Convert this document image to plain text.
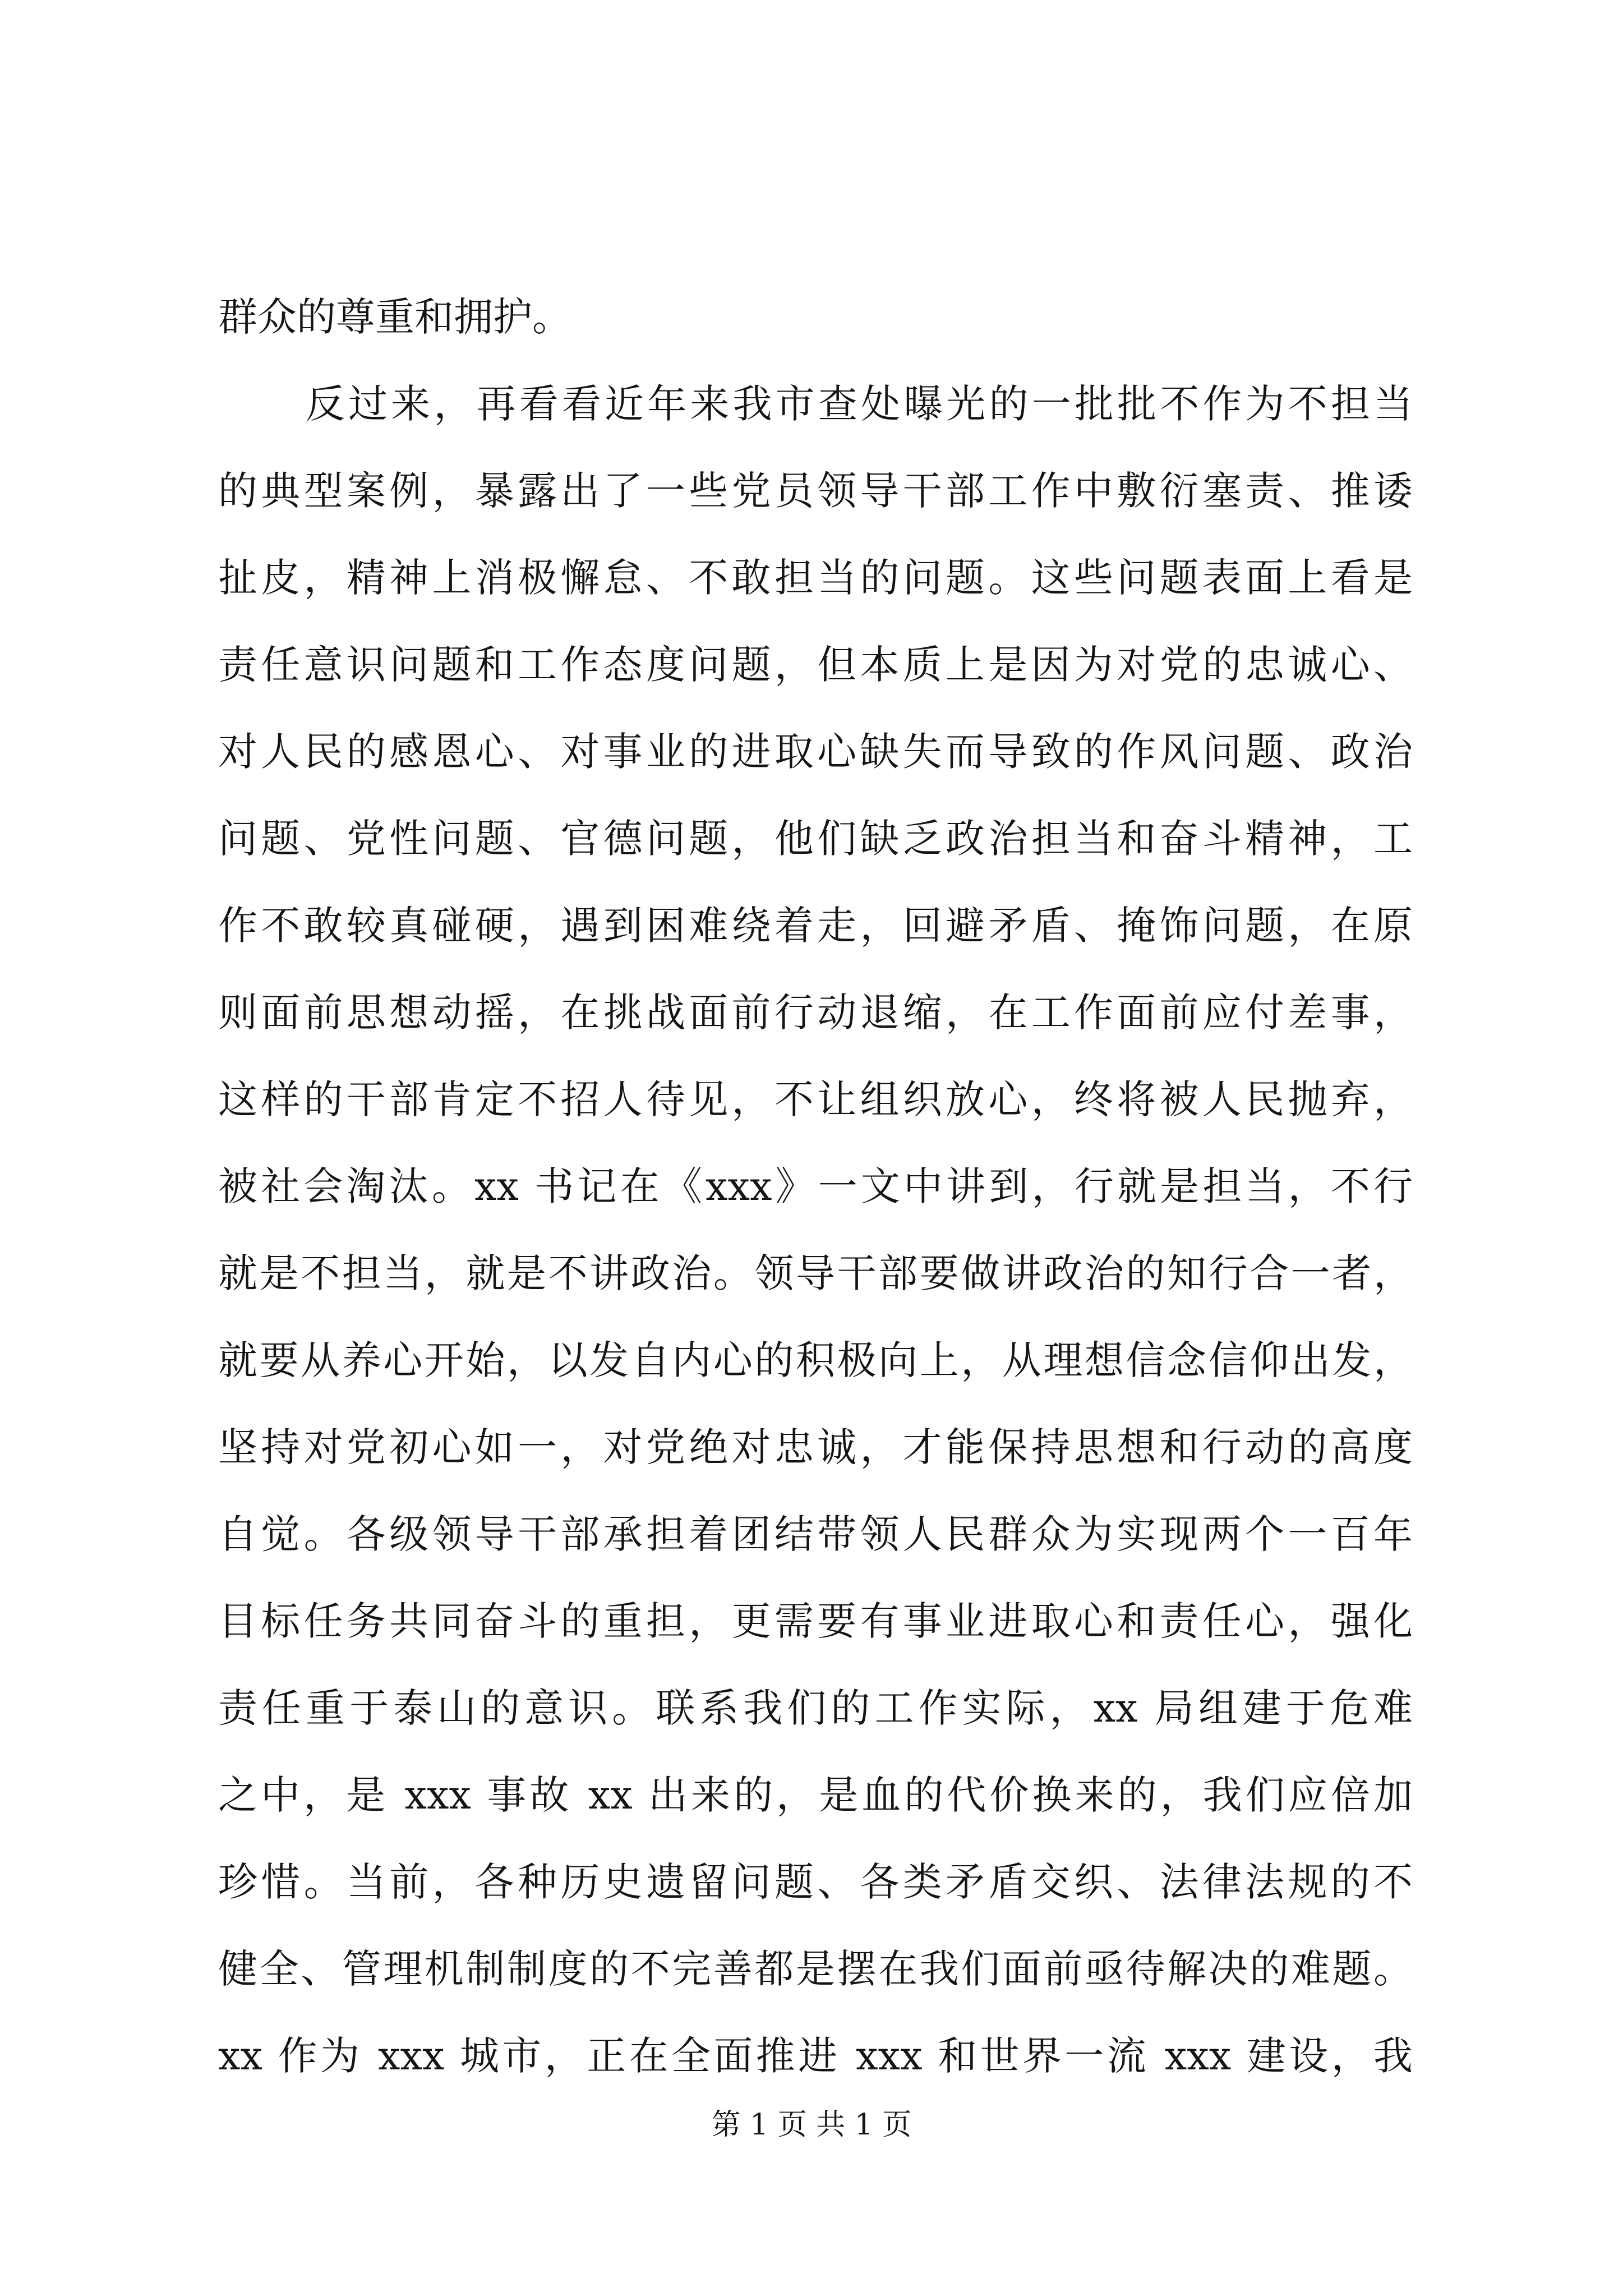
群众的尊重和拥护。
反过来，再看看近年来我市查处曝光的一批批不作为不担当
的典型案例，暴露出了一些党员领导干部工作中敷衍塞责、推诿
扯皮，精神上消极懈怠、不敢担当的问题。这些问题表面上看是
责任意识问题和工作态度问题，但本质上是因为对党的忠诚心、
对人民的感恩心、对事业的进取心缺失而导致的作风问题、政治
问题、党性问题、官德问题，他们缺乏政治担当和奋斗精神，工
作不敢较真碰硬，遇到困难绕着走，回避矛盾、掩饰问题，在原
则面前思想动摇，在挑战面前行动退缩，在工作面前应付差事，
这样的干部肯定不招人待见，不让组织放心，终将被人民抛弃，
被社会淘汰。xx 书记在《xxx》一文中讲到，行就是担当，不行
就是不担当，就是不讲政治。领导干部要做讲政治的知行合一者，
就要从养心开始，以发自内心的积极向上，从理想信念信仰出发，
坚持对党初心如一，对党绝对忠诚，才能保持思想和行动的高度
自觉。各级领导干部承担着团结带领人民群众为实现两个一百年
目标任务共同奋斗的重担，更需要有事业进取心和责任心，强化
责任重于泰山的意识。联系我们的工作实际，xx 局组建于危难
之中，是 xxx 事故 xx 出来的，是血的代价换来的，我们应倍加
珍惜。当前，各种历史遗留问题、各类矛盾交织、法律法规的不
健全、管理机制制度的不完善都是摆在我们面前亟待解决的难题。
xx 作为 xxx 城市，正在全面推进 xxx 和世界一流 xxx 建设，我
第 1 页 共 1 页
